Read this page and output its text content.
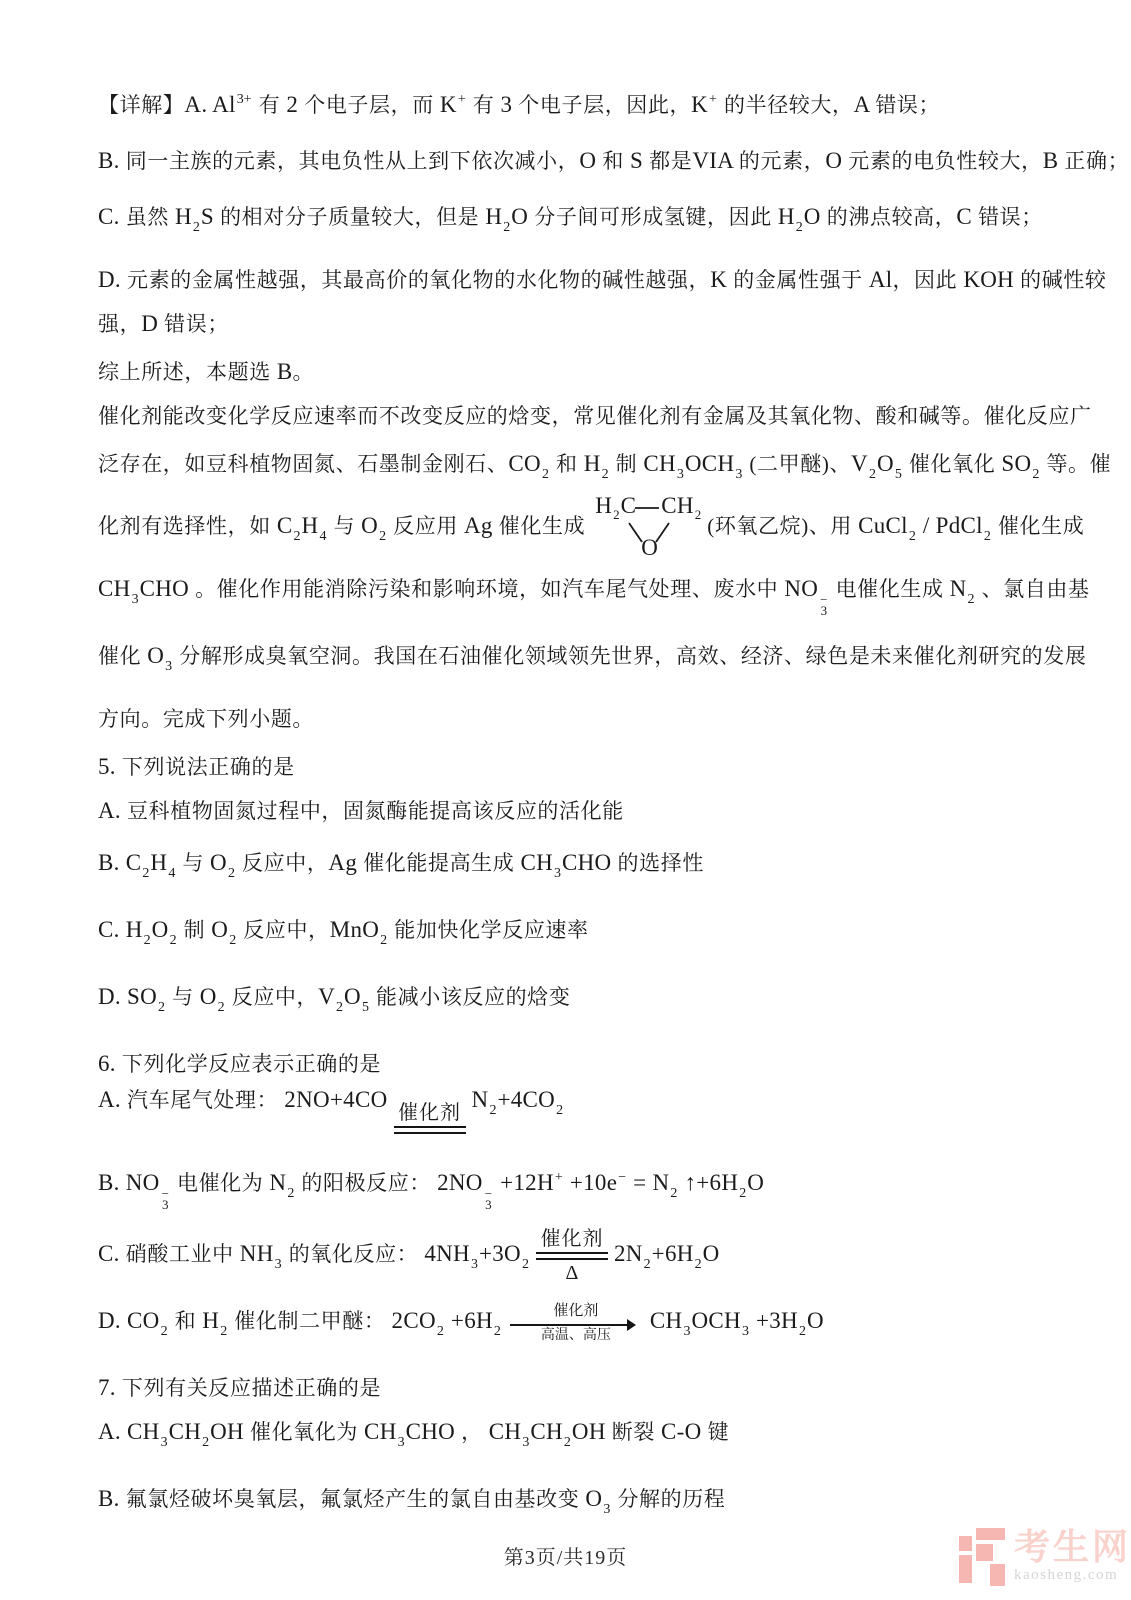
【详解】A. Al3+ 有 2 个电子层，而 K+ 有 3 个电子层，因此，K+ 的半径较大，A 错误；
B. 同一主族的元素，其电负性从上到下依次减小，O 和 S 都是VIA 的元素，O 元素的电负性较大，B 正确；
C. 虽然 H2S 的相对分子质量较大，但是 H2O 分子间可形成氢键，因此 H2O 的沸点较高，C 错误；
D. 元素的金属性越强，其最高价的氧化物的水化物的碱性越强，K 的金属性强于 Al，因此 KOH 的碱性较
强，D 错误；
综上所述，本题选 B。
催化剂能改变化学反应速率而不改变反应的焓变，常见催化剂有金属及其氧化物、酸和碱等。催化反应广
泛存在，如豆科植物固氮、石墨制金刚石、CO2 和 H2 制 CH3OCH3 (二甲醚)、V2O5 催化氧化 SO2 等。催
化剂有选择性，如 C2H4 与 O2 反应用 Ag 催化生成
H2C CH2
O
(环氧乙烷)、用 CuCl2 / PdCl2 催化生成
CH3CHO 。催化作用能消除污染和影响环境，如汽车尾气处理、废水中 NO −
3
电催化生成 N2 、氯自由基
催化 O3 分解形成臭氧空洞。我国在石油催化领域领先世界，高效、经济、绿色是未来催化剂研究的发展
方向。完成下列小题。
5. 下列说法正确的是
A. 豆科植物固氮过程中，固氮酶能提高该反应的活化能
B. C2H4 与 O2 反应中，Ag 催化能提高生成 CH3CHO 的选择性
C. H2O2 制 O2 反应中，MnO2 能加快化学反应速率
D. SO2 与 O2 反应中，V2O5 能减小该反应的焓变
6. 下列化学反应表示正确的是
A. 汽车尾气处理： 2NO+4CO
催化剂
N2+4CO2
B. NO −
3
电催化为 N2 的阳极反应： 2NO −
3
+12H+ +10e− = N2 ↑+6H2O
C. 硝酸工业中 NH3 的氧化反应： 4NH3+3O2
催化剂
Δ
2N2+6H2O
D. CO2 和 H2 催化制二甲醚： 2CO2 +6H2
催化剂
高温、高压
CH3OCH3 +3H2O
7. 下列有关反应描述正确的是
A. CH3CH2OH 催化氧化为 CH3CHO ， CH3CH2OH 断裂 C-O 键
B. 氟氯烃破坏臭氧层，氟氯烃产生的氯自由基改变 O3 分解的历程
第3页/共19页	考生网
kaosheng.com
